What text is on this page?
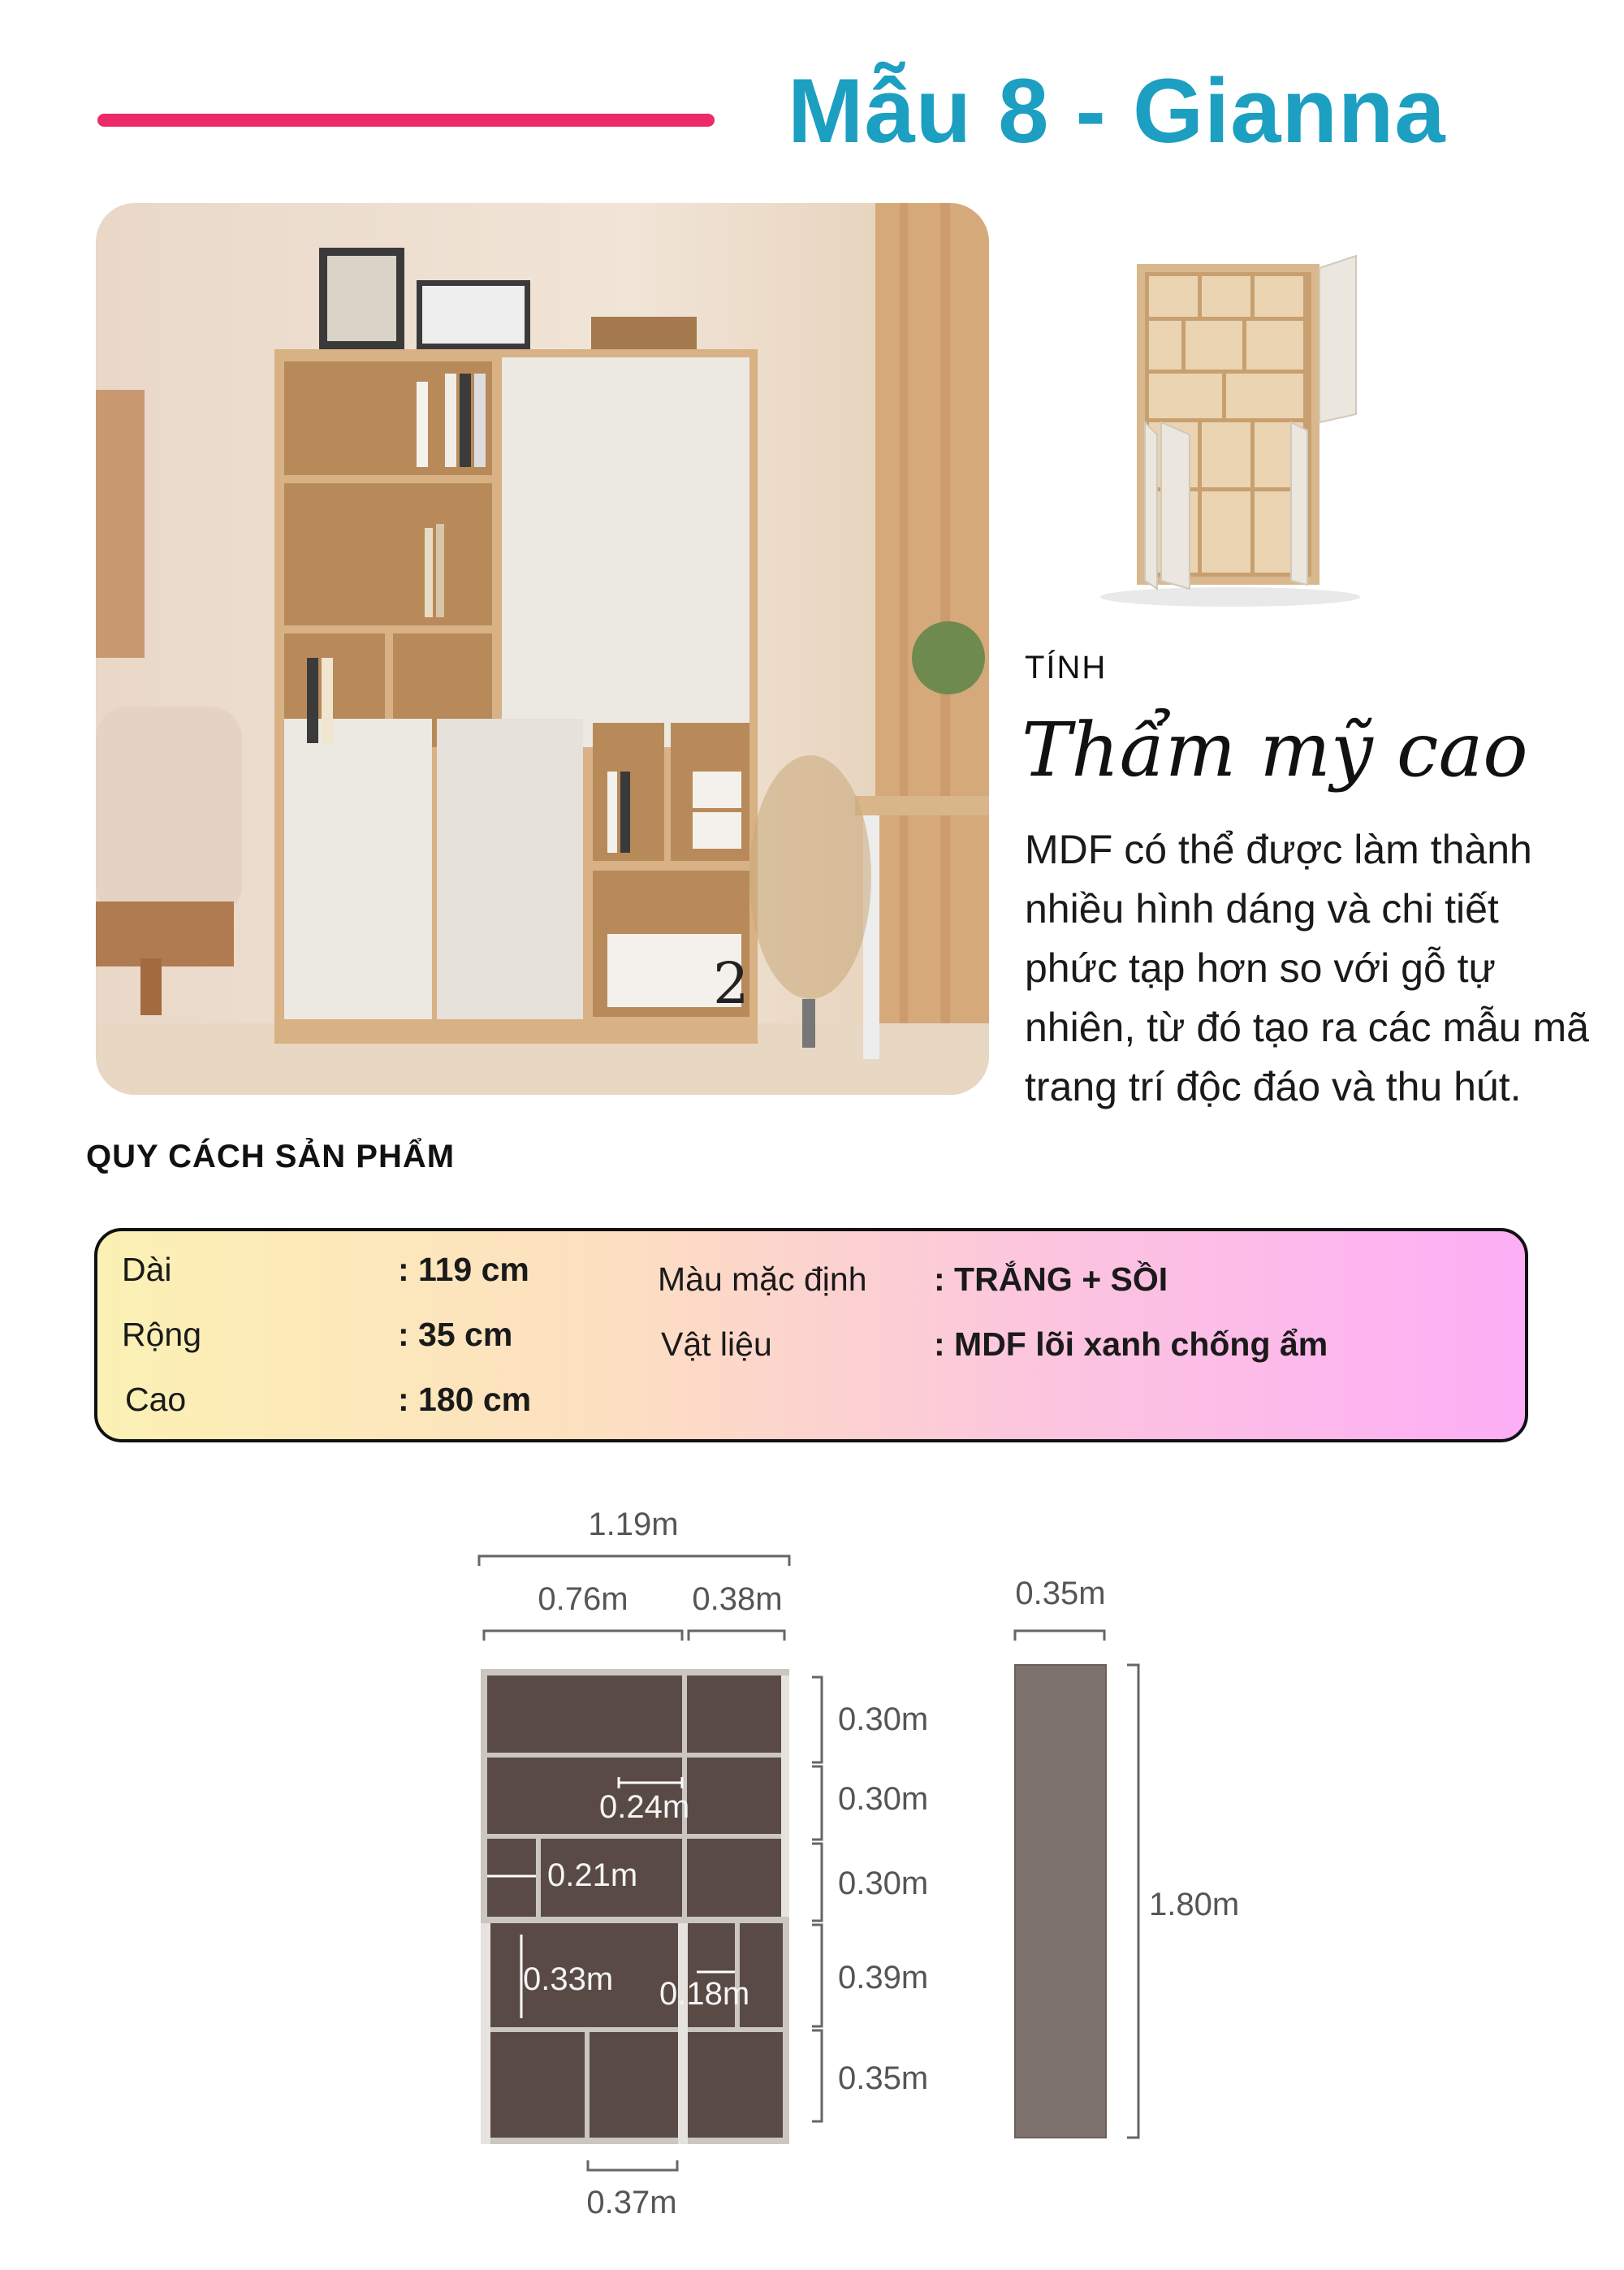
Mẫu 8 - Gianna
2
TÍNH
Thẩm mỹ cao
MDF có thể được làm thành nhiều hình dáng và chi tiết phức tạp hơn so với gỗ tự nhiên, từ đó tạo ra các mẫu mã trang trí độc đáo và thu hút.
QUY CÁCH SẢN PHẨM
Dài	: 119 cm
Rộng	: 35 cm
Cao	: 180 cm
Màu mặc định : TRẮNG + SỒI
Vật liệu	: MDF lõi xanh chống ẩm
1.19m
0.76m 0.38m	0.35m
0.30m
0.30m
0.30m
0.39m
0.35m
1.80m
0.24m
0.21m
0.33m 0.18m
0.37m
